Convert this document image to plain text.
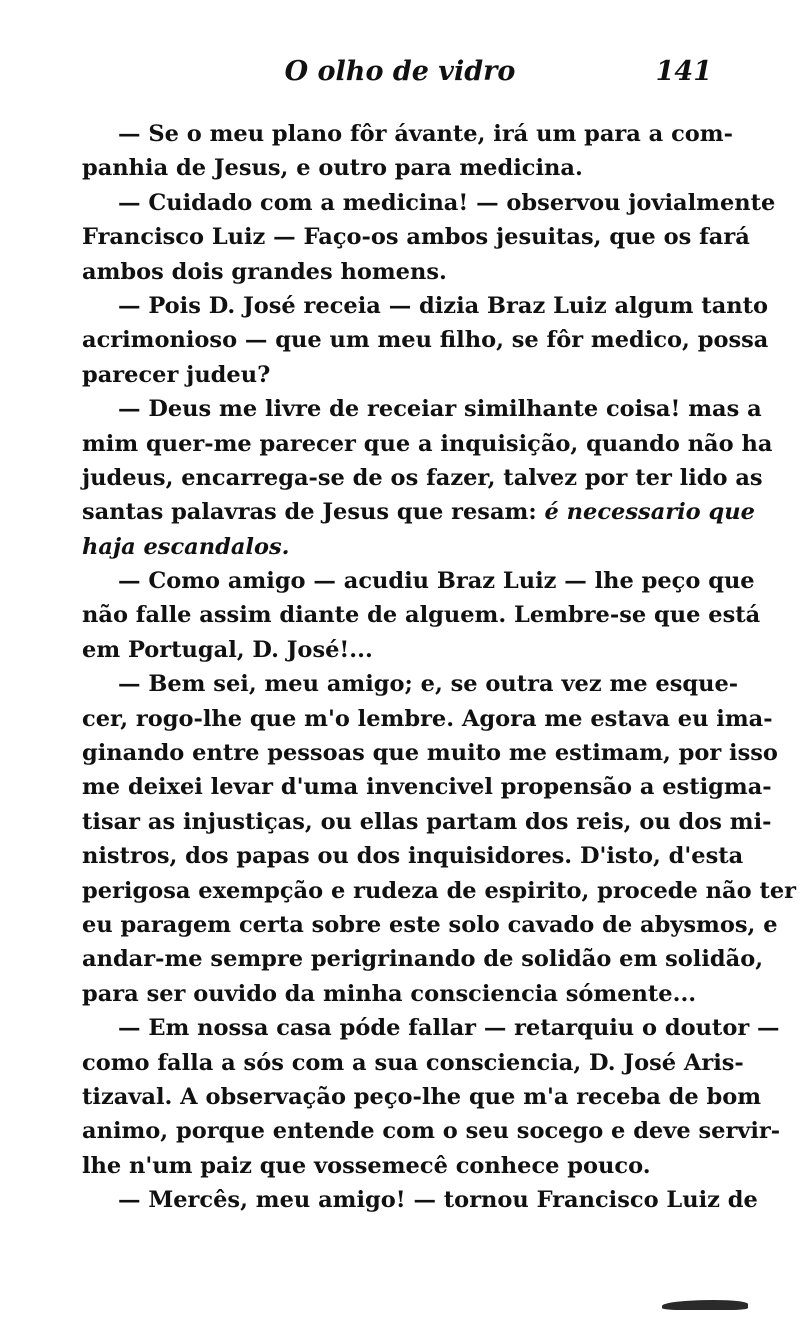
O olho de vidro	141
— Se o meu plano fôr ávante, irá um para a com-
panhia de Jesus, e outro para medicina.
— Cuidado com a medicina! — observou jovialmente
Francisco Luiz — Faço-os ambos jesuitas, que os fará
ambos dois grandes homens.
— Pois D. José receia — dizia Braz Luiz algum tanto
acrimonioso — que um meu filho, se fôr medico, possa
parecer judeu?
— Deus me livre de receiar similhante coisa! mas a
mim quer-me parecer que a inquisição, quando não ha
judeus, encarrega-se de os fazer, talvez por ter lido as
santas palavras de Jesus que resam: é necessario que
haja escandalos.
— Como amigo — acudiu Braz Luiz — lhe peço que
não falle assim diante de alguem. Lembre-se que está
em Portugal, D. José!...
— Bem sei, meu amigo; e, se outra vez me esque-
cer, rogo-lhe que m'o lembre. Agora me estava eu ima-
ginando entre pessoas que muito me estimam, por isso
me deixei levar d'uma invencivel propensão a estigma-
tisar as injustiças, ou ellas partam dos reis, ou dos mi-
nistros, dos papas ou dos inquisidores. D'isto, d'esta
perigosa exempção e rudeza de espirito, procede não ter
eu paragem certa sobre este solo cavado de abysmos, e
andar-me sempre perigrinando de solidão em solidão,
para ser ouvido da minha consciencia sómente...
— Em nossa casa póde fallar — retarquiu o doutor —
como falla a sós com a sua consciencia, D. José Aris-
tizaval. A observação peço-lhe que m'a receba de bom
animo, porque entende com o seu socego e deve servir-
lhe n'um paiz que vossemecê conhece pouco.
— Mercês, meu amigo! — tornou Francisco Luiz de
